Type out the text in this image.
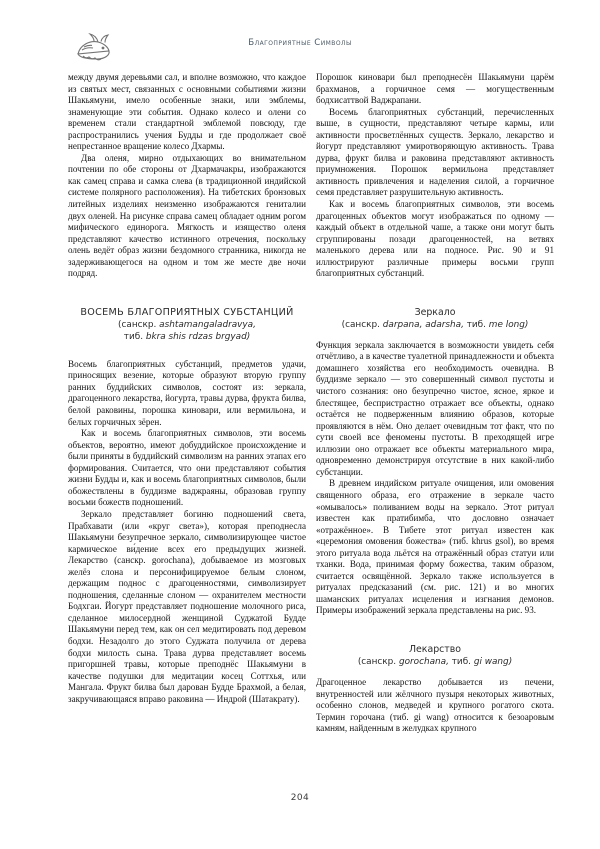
Благоприятные Символы

между двумя деревьями сал, и вполне возможно, что каждое из святых мест, связанных с основными событиями жизни Шакьямуни, имело особенные знаки, или эмблемы, знаменующие эти события. Однако колесо и олени со временем стали стандартной эмблемой повсюду, где распространились учения Будды и где продолжает своё непрестанное вращение колесо Дхармы.

Два оленя, мирно отдыхающих во внимательном почтении по обе стороны от Дхармачакры, изображаются как самец справа и самка слева (в традиционной индийской системе полярного расположения). На тибетских бронзовых литейных изделиях неизменно изображаются гениталии двух оленей. На рисунке справа самец обладает одним рогом мифического единорога. Мягкость и изящество оленя представляют качество истинного отречения, поскольку олень ведёт образ жизни бездомного странника, никогда не задерживающегося на одном и том же месте две ночи подряд.

ВОСЕМЬ БЛАГОПРИЯТНЫХ СУБСТАНЦИЙ
(санскр. ashtamangaladravya,
тиб. bkra shis rdzas brgyad)

Восемь благоприятных субстанций, предметов удачи, приносящих везение, которые образуют вторую группу ранних буддийских символов, состоят из: зеркала, драгоценного лекарства, йогурта, травы дурва, фрукта билва, белой раковины, порошка киновари, или вермильона, и белых горчичных зёрен.

Как и восемь благоприятных символов, эти восемь объектов, вероятно, имеют добуддийское происхождение и были приняты в буддийский символизм на ранних этапах его формирования. Считается, что они представляют события жизни Будды и, как и восемь благоприятных символов, были обожествлены в буддизме ваджраяны, образовав группу восьми божеств подношений.

Зеркало представляет богиню подношений света, Прабхавати (или «круг света»), которая преподнесла Шакьямуни безупречное зеркало, символизирующее чистое кармическое ви́дение всех его предыдущих жизней. Лекарство (санскр. gorochana), добываемое из мозговых желёз слона и персонифицируемое белым слоном, держащим поднос с драгоценностями, символизирует подношения, сделанные слоном — охранителем местности Бодхгаи. Йогурт представляет подношение молочного риса, сделанное милосердной женщиной Суджатой Будде Шакьямуни перед тем, как он сел медитировать под деревом бодхи. Незадолго до этого Суджата получила от дерева бодхи милость сына. Трава дурва представляет восемь пригоршней травы, которые преподнёс Шакьямуни в качестве подушки для медитации косец Соттхья, или Мангала. Фрукт билва был дарован Будде Брахмой, а белая, закручивающаяся вправо раковина — Индрой (Шатакрату).

Порошок киновари был преподнесён Шакьямуни царём брахманов, а горчичное семя — могущественным бодхисаттвой Ваджрапани.

Восемь благоприятных субстанций, перечисленных выше, в сущности, представляют четыре кармы, или активности просветлённых существ. Зеркало, лекарство и йогурт представляют умиротворяющую активность. Трава дурва, фрукт билва и раковина представляют активность приумножения. Порошок вермильона представляет активность привлечения и наделения силой, а горчичное семя представляет разрушительную активность.

Как и восемь благоприятных символов, эти восемь драгоценных объектов могут изображаться по одному — каждый объект в отдельной чаше, а также они могут быть сгруппированы позади драгоценностей, на ветвях маленького дерева или на подносе. Рис. 90 и 91 иллюстрируют различные примеры восьми групп благоприятных субстанций.

Зеркало
(санскр. darpana, adarsha, тиб. me long)

Функция зеркала заключается в возможности увидеть себя отчётливо, а в качестве туалетной принадлежности и объекта домашнего хозяйства его необходимость очевидна. В буддизме зеркало — это совершенный символ пустоты и чистого сознания: оно безупречно чистое, ясное, яркое и блестящее, беспристрастно отражает все объекты, однако остаётся не подверженным влиянию образов, которые проявляются в нём. Оно делает очевидным тот факт, что по сути своей все феномены пустоты. В преходящей игре иллюзии оно отражает все объекты материального мира, одновременно демонстрируя отсутствие в них какой-либо субстанции.

В древнем индийском ритуале очищения, или омовения священного образа, его отражение в зеркале часто «омывалось» поливанием воды на зеркало. Этот ритуал известен как пратибимба, что дословно означает «отражённое». В Тибете этот ритуал известен как «церемония омовения божества» (тиб. khrus gsol), во время этого ритуала вода льётся на отражённый образ статуи или тханки. Вода, принимая форму божества, таким образом, считается освящённой. Зеркало также используется в ритуалах предсказаний (см. рис. 121) и во многих шаманских ритуалах исцеления и изгнания демонов. Примеры изображений зеркала представлены на рис. 93.

Лекарство
(санскр. gorochana, тиб. gi wang)

Драгоценное лекарство добывается из печени, внутренностей или жёлчного пузыря некоторых животных, особенно слонов, медведей и крупного рогатого скота. Термин горочана (тиб. gi wang) относится к безоаровым камням, найденным в желудках крупного

204
